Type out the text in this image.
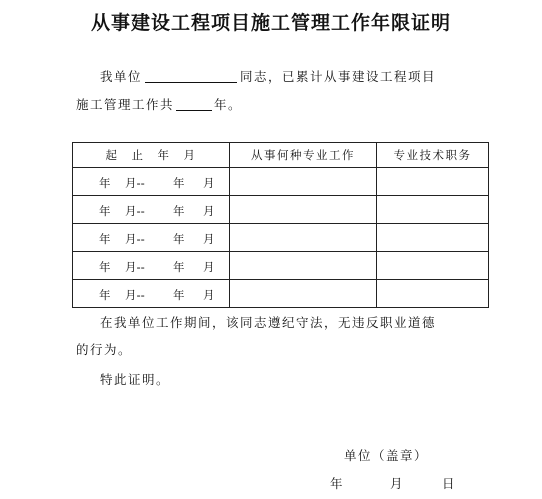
从事建设工程项目施工管理工作年限证明
我单位	同志，已累计从事建设工程项目
施工管理工作共	年。
起　止　年　月	从事何种专业工作	专业技术职务

年 月-- 年 月		

年 月-- 年 月		

年 月-- 年 月		

年 月-- 年 月		

年 月-- 年 月		

在我单位工作期间，该同志遵纪守法，无违反职业道德
的行为。
特此证明。
单位（盖章）
年	月	日
